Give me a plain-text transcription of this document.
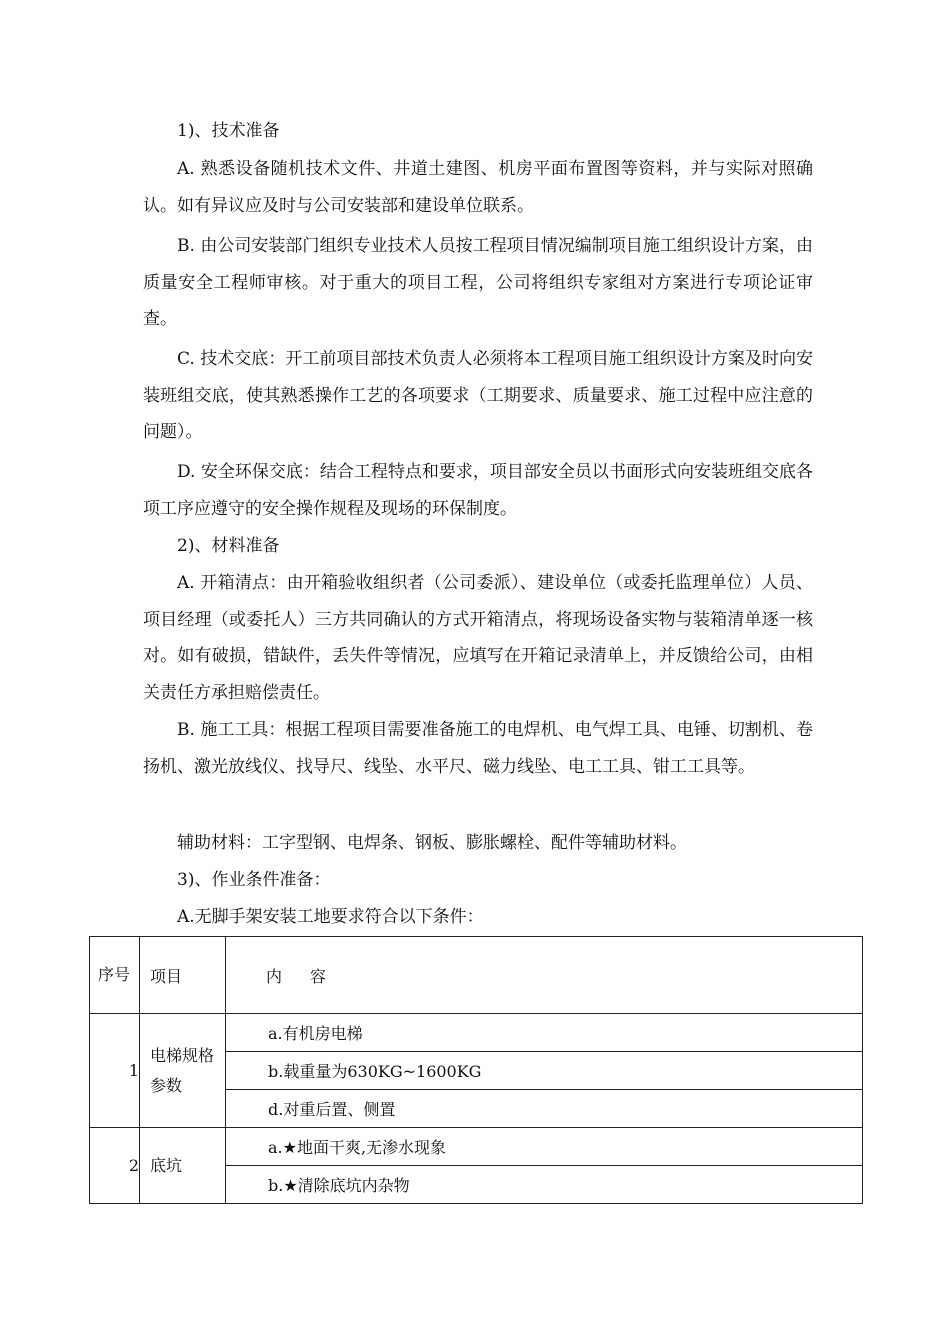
1)、技术准备

A. 熟悉设备随机技术文件、井道土建图、机房平面布置图等资料，并与实际对照确认。如有异议应及时与公司安装部和建设单位联系。

B. 由公司安装部门组织专业技术人员按工程项目情况编制项目施工组织设计方案，由质量安全工程师审核。对于重大的项目工程，公司将组织专家组对方案进行专项论证审查。

C. 技术交底：开工前项目部技术负责人必须将本工程项目施工组织设计方案及时向安装班组交底，使其熟悉操作工艺的各项要求（工期要求、质量要求、施工过程中应注意的问题）。

D. 安全环保交底：结合工程特点和要求，项目部安全员以书面形式向安装班组交底各项工序应遵守的安全操作规程及现场的环保制度。

2)、材料准备

A. 开箱清点：由开箱验收组织者（公司委派）、建设单位（或委托监理单位）人员、项目经理（或委托人）三方共同确认的方式开箱清点，将现场设备实物与装箱清单逐一核对。如有破损，错缺件，丢失件等情况，应填写在开箱记录清单上，并反馈给公司，由相关责任方承担赔偿责任。

B. 施工工具：根据工程项目需要准备施工的电焊机、电气焊工具、电锤、切割机、卷扬机、激光放线仪、找导尺、线坠、水平尺、磁力线坠、电工工具、钳工工具等。

辅助材料：工字型钢、电焊条、钢板、膨胀螺栓、配件等辅助材料。

3)、作业条件准备：

A.无脚手架安装工地要求符合以下条件：

序号	项目	内容
1	电梯规格参数	a.有机房电梯
		b.载重量为630KG~1600KG
		d.对重后置、侧置
2	底坑	a.★地面干爽,无渗水现象
		b.★清除底坑内杂物
